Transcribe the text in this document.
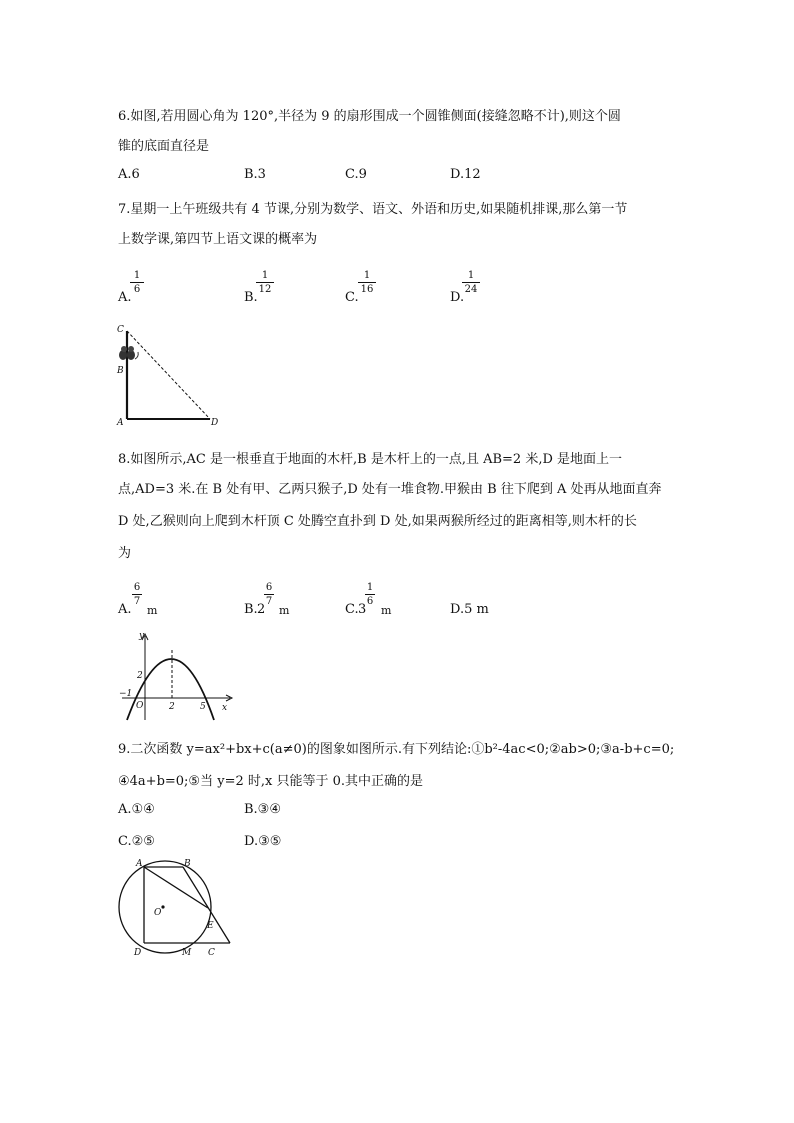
6.如图,若用圆心角为 120°,半径为 9 的扇形围成一个圆锥侧面(接缝忽略不计),则这个圆
锥的底面直径是
A.6	B.3	C.9	D.12
7.星期一上午班级共有 4 节课,分别为数学、语文、外语和历史,如果随机排课,那么第一节
上数学课,第四节上语文课的概率为
A.
1
6
B.
1
12
C.
1
16
D.
1
24
C
B
A	D
8.如图所示,AC 是一根垂直于地面的木杆,B 是木杆上的一点,且 AB=2 米,D 是地面上一
点,AD=3 米.在 B 处有甲、乙两只猴子,D 处有一堆食物.甲猴由 B 往下爬到 A 处再从地面直奔
D 处,乙猴则向上爬到木杆顶 C 处腾空直扑到 D 处,如果两猴所经过的距离相等,则木杆的长
为
A.
6
7
m	B. 2
6
7
m	C. 3
1
6
m	D.5 m
y
x
O
2
−1
2	5
9.二次函数 y=ax²+bx+c(a≠0)的图象如图所示.有下列结论:①b²-4ac<0;②ab>0;③a-b+c=0;
④4a+b=0;⑤当 y=2 时,x 只能等于 0.其中正确的是
A.①④	B.③④
C.②⑤	D.③⑤
A	B
O
E
D	M C
